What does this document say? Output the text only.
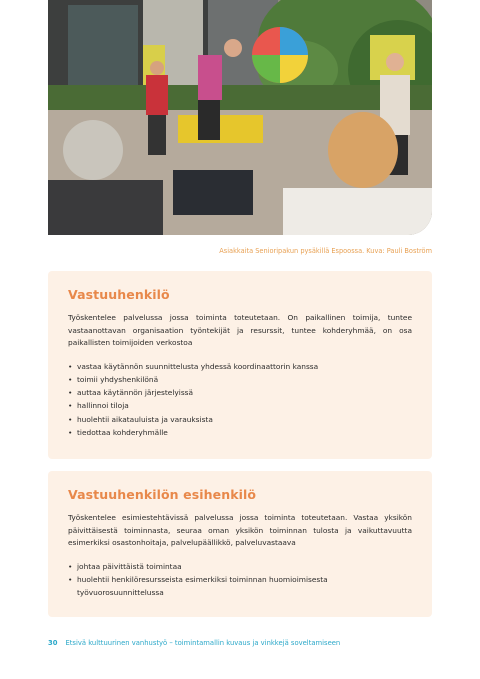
Asiakkaita Senioripakun pysäkillä Espoossa. Kuva: Pauli Boström
Vastuuhenkilö

Työskentelee palvelussa jossa toiminta toteutetaan. On paikallinen toimija, tuntee vastaanottavan organisaation työntekijät ja resurssit, tuntee kohderyhmää, on osa paikallisten toimijoiden verkostoa

• vastaa käytännön suunnittelusta yhdessä koordinaattorin kanssa
• toimii yhdyshenkilönä
• auttaa käytännön järjestelyissä
• hallinnoi tiloja
• huolehtii aikatauluista ja varauksista
• tiedottaa kohderyhmälle
Vastuuhenkilön esihenkilö

Työskentelee esimiestehtävissä palvelussa jossa toiminta toteutetaan. Vastaa yksikön päivittäisestä toiminnasta, seuraa oman yksikön toiminnan tulosta ja vaikuttavuutta esimerkiksi osastonhoitaja, palvelupäällikkö, palveluvastaava

• johtaa päivittäistä toimintaa
• huolehtii henkilöresursseista esimerkiksi toiminnan huomioimisesta työvuorosuunnittelussa
30 Etsivä kulttuurinen vanhustyö – toimintamallin kuvaus ja vinkkejä soveltamiseen
